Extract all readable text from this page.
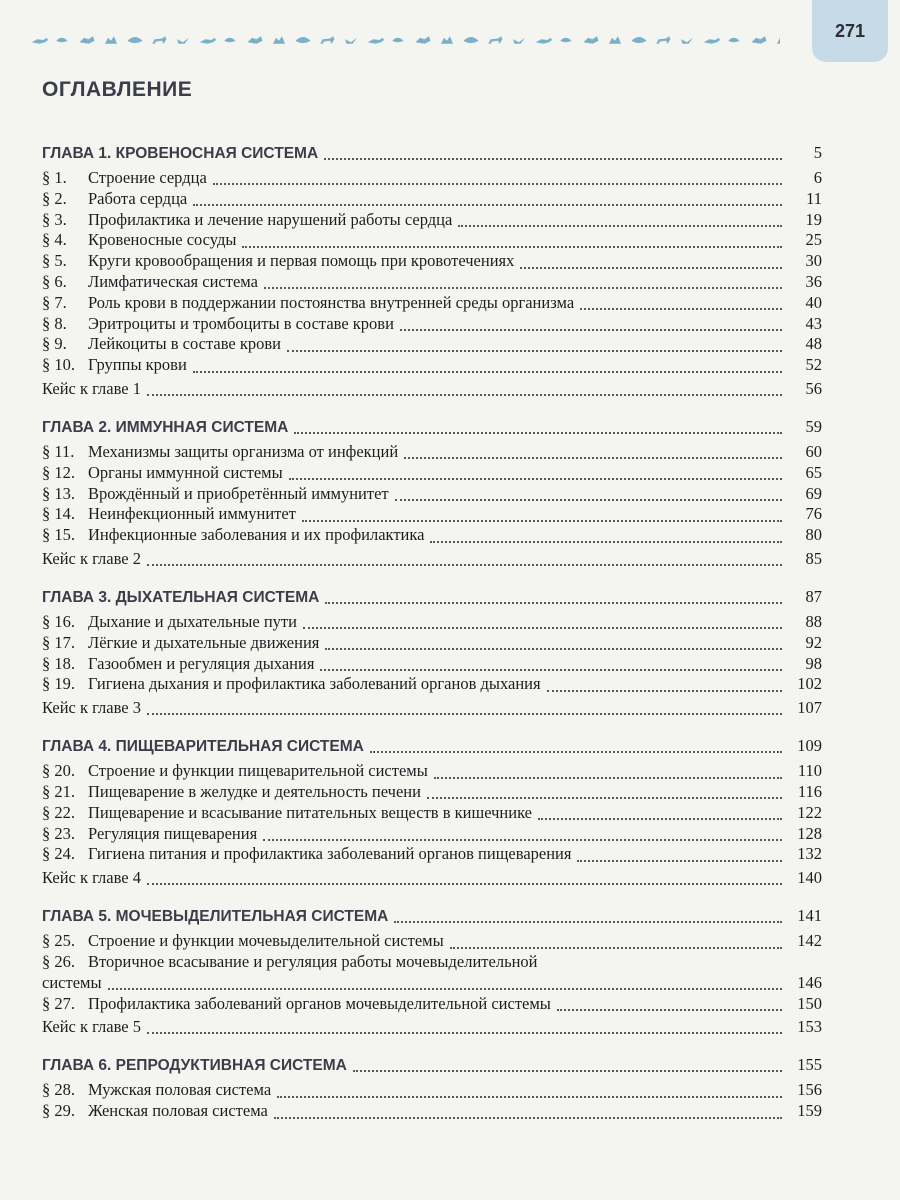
271
ОГЛАВЛЕНИЕ
ГЛАВА 1. КРОВЕНОСНАЯ СИСТЕМА	5
§ 1.	Строение сердца	6
§ 2.	Работа сердца	11
§ 3.	Профилактика и лечение нарушений работы сердца	19
§ 4.	Кровеносные сосуды	25
§ 5.	Круги кровообращения и первая помощь при кровотечениях	30
§ 6.	Лимфатическая система	36
§ 7.	Роль крови в поддержании постоянства внутренней среды организма	40
§ 8.	Эритроциты и тромбоциты в составе крови	43
§ 9.	Лейкоциты в составе крови	48
§ 10. Группы крови	52
Кейс к главе 1	56
ГЛАВА 2. ИММУННАЯ СИСТЕМА	59
§ 11. Механизмы защиты организма от инфекций	60
§ 12. Органы иммунной системы	65
§ 13. Врождённый и приобретённый иммунитет	69
§ 14. Неинфекционный иммунитет	76
§ 15. Инфекционные заболевания и их профилактика	80
Кейс к главе 2	85
ГЛАВА 3. ДЫХАТЕЛЬНАЯ СИСТЕМА	87
§ 16. Дыхание и дыхательные пути	88
§ 17. Лёгкие и дыхательные движения	92
§ 18. Газообмен и регуляция дыхания	98
§ 19. Гигиена дыхания и профилактика заболеваний органов дыхания	102
Кейс к главе 3	107
ГЛАВА 4. ПИЩЕВАРИТЕЛЬНАЯ СИСТЕМА	109
§ 20. Строение и функции пищеварительной системы	110
§ 21. Пищеварение в желудке и деятельность печени	116
§ 22. Пищеварение и всасывание питательных веществ в кишечнике	122
§ 23. Регуляция пищеварения	128
§ 24. Гигиена питания и профилактика заболеваний органов пищеварения	132
Кейс к главе 4	140
ГЛАВА 5. МОЧЕВЫДЕЛИТЕЛЬНАЯ СИСТЕМА	141
§ 25. Строение и функции мочевыделительной системы	142
§ 26. Вторичное всасывание и регуляция работы мочевыделительной
системы	146
§ 27. Профилактика заболеваний органов мочевыделительной системы	150
Кейс к главе 5	153
ГЛАВА 6. РЕПРОДУКТИВНАЯ СИСТЕМА	155
§ 28. Мужская половая система	156
§ 29. Женская половая система	159
